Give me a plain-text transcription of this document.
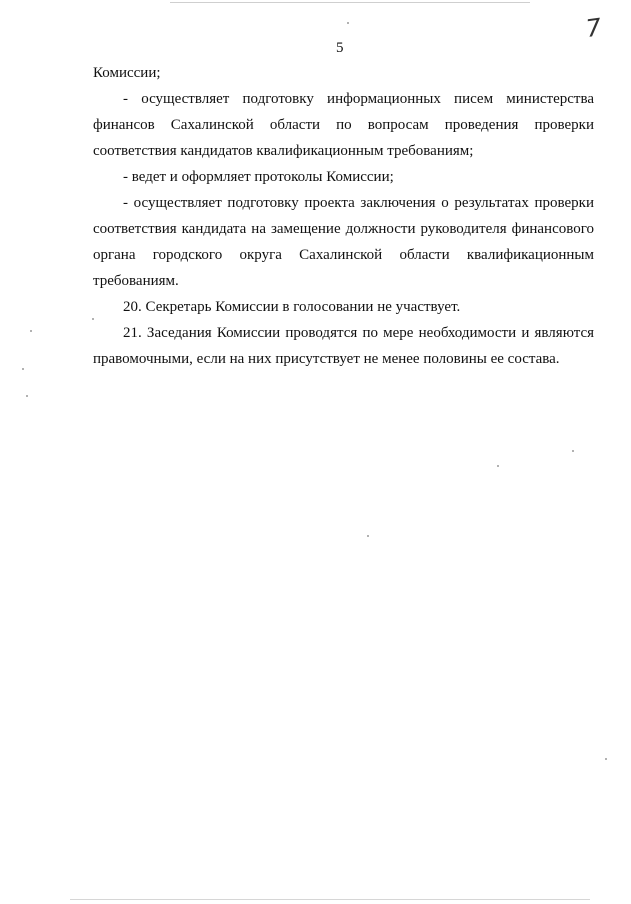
5
7
Комиссии;
- осуществляет подготовку информационных писем министерства
финансов Сахалинской области по вопросам проведения проверки
соответствия кандидатов квалификационным требованиям;
- ведет и оформляет протоколы Комиссии;
- осуществляет подготовку проекта заключения о результатах проверки
соответствия кандидата на замещение должности руководителя финансового
органа городского округа Сахалинской области квалификационным
требованиям.
20. Секретарь Комиссии в голосовании не участвует.
21. Заседания Комиссии проводятся по мере необходимости и являются
правомочными, если на них присутствует не менее половины ее состава.
